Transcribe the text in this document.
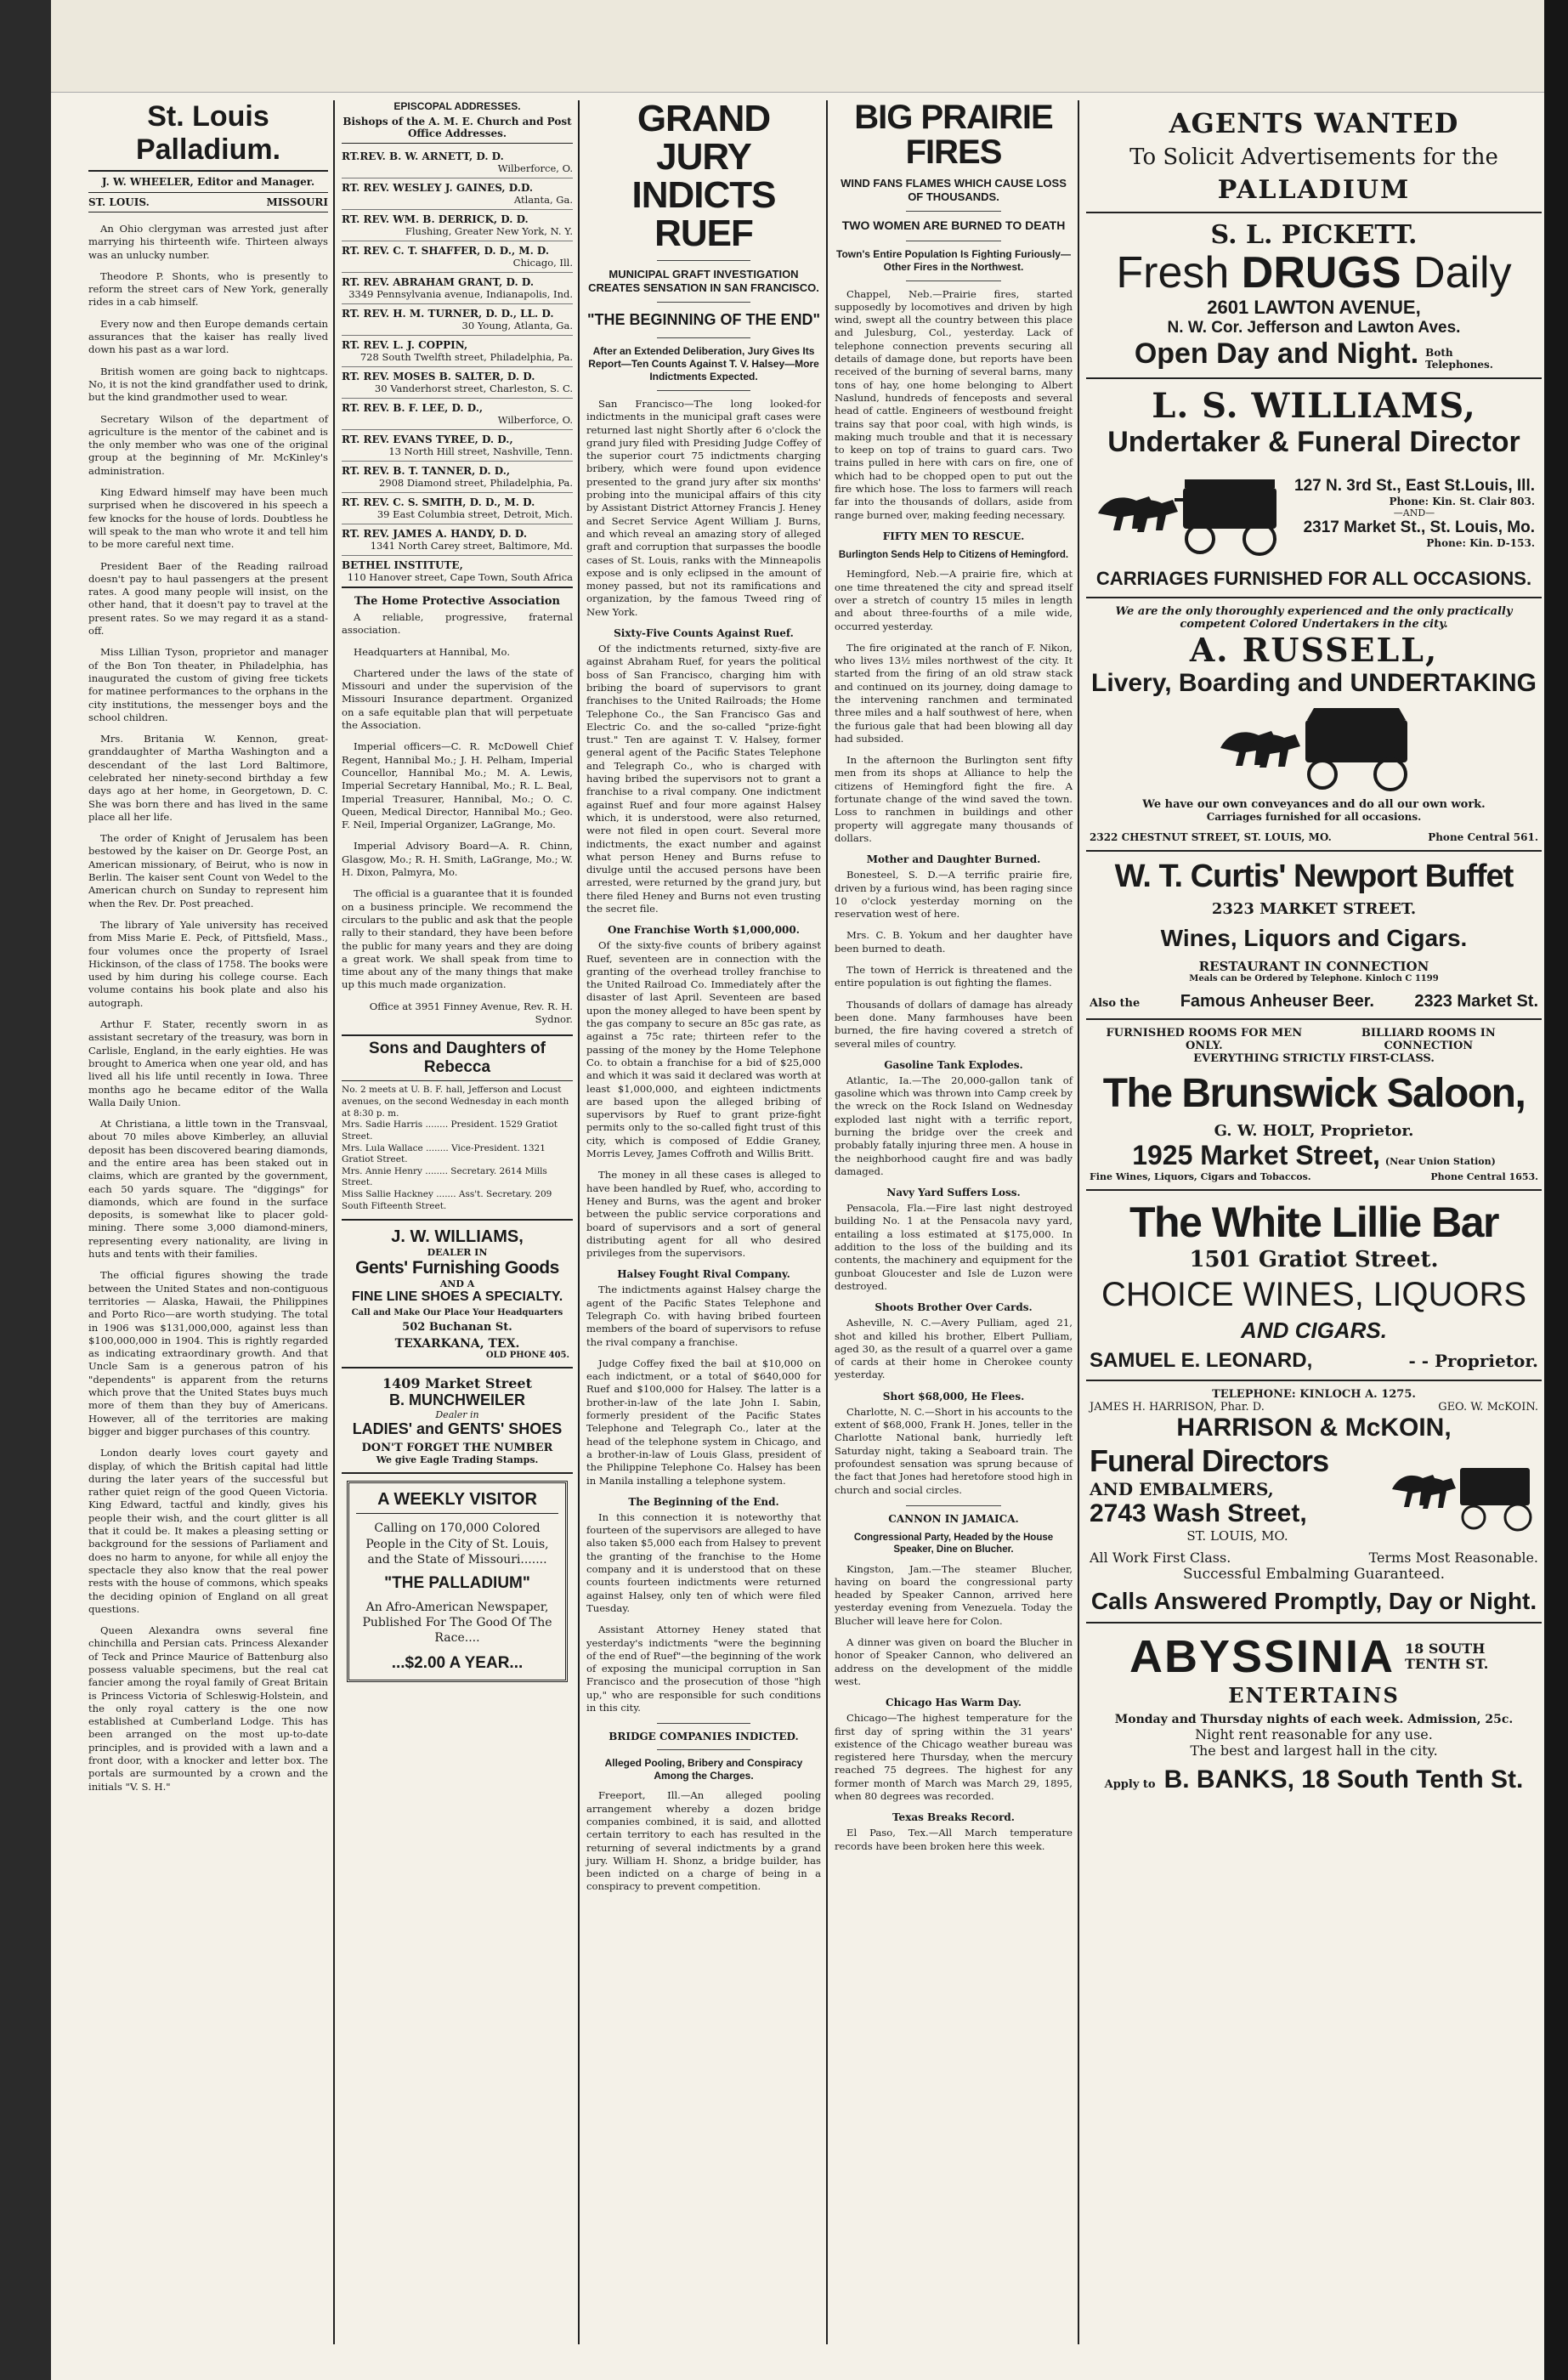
St. Louis Palladium.
J. W. WHEELER, Editor and Manager.
ST. LOUIS.	MISSOURI

An Ohio clergyman was arrested just after marrying his thirteenth wife. Thirteen always was an unlucky number.

Theodore P. Shonts, who is presently to reform the street cars of New York, generally rides in a cab himself.

Every now and then Europe demands certain assurances that the kaiser has really lived down his past as a war lord.

British women are going back to nightcaps. No, it is not the kind grandfather used to drink, but the kind grandmother used to wear.

Secretary Wilson of the department of agriculture is the mentor of the cabinet and is the only member who was one of the original group at the beginning of Mr. McKinley's administration.

King Edward himself may have been much surprised when he discovered in his speech a few knocks for the house of lords. Doubtless he will speak to the man who wrote it and tell him to be more careful next time.

President Baer of the Reading railroad doesn't pay to haul passengers at the present rates. A good many people will insist, on the other hand, that it doesn't pay to travel at the present rates. So we may regard it as a stand-off.

Miss Lillian Tyson, proprietor and manager of the Bon Ton theater, in Philadelphia, has inaugurated the custom of giving free tickets for matinee performances to the orphans in the city institutions, the messenger boys and the school children.

Mrs. Britania W. Kennon, great-granddaughter of Martha Washington and a descendant of the last Lord Baltimore, celebrated her ninety-second birthday a few days ago at her home, in Georgetown, D. C. She was born there and has lived in the same place all her life.

The order of Knight of Jerusalem has been bestowed by the kaiser on Dr. George Post, an American missionary, of Beirut, who is now in Berlin. The kaiser sent Count von Wedel to the American church on Sunday to represent him when the Rev. Dr. Post preached.

The library of Yale university has received from Miss Marie E. Peck, of Pittsfield, Mass., four volumes once the property of Israel Hickinson, of the class of 1758. The books were used by him during his college course. Each volume contains his book plate and also his autograph.

Arthur F. Stater, recently sworn in as assistant secretary of the treasury, was born in Carlisle, England, in the early eighties. He was brought to America when one year old, and has lived all his life until recently in Iowa. Three months ago he became editor of the Walla Walla Daily Union.

At Christiana, a little town in the Transvaal, about 70 miles above Kimberley, an alluvial deposit has been discovered bearing diamonds, and the entire area has been staked out in claims, which are granted by the government, each 50 yards square. The "diggings" for diamonds, which are found in the surface deposits, is somewhat like to placer gold-mining. There some 3,000 diamond-miners, representing every nationality, are living in huts and tents with their families.

The official figures showing the trade between the United States and non-contiguous territories — Alaska, Hawaii, the Philippines and Porto Rico—are worth studying. The total in 1906 was $131,000,000, against less than $100,000,000 in 1904. This is rightly regarded as indicating extraordinary growth. And that Uncle Sam is a generous patron of his "dependents" is apparent from the returns which prove that the United States buys much more of them than they buy of Americans. However, all of the territories are making bigger and bigger purchases of this country.

London dearly loves court gayety and display, of which the British capital had little during the later years of the successful but rather quiet reign of the good Queen Victoria. King Edward, tactful and kindly, gives his people their wish, and the court glitter is all that it could be. It makes a pleasing setting or background for the sessions of Parliament and does no harm to anyone, for while all enjoy the spectacle they also know that the real power rests with the house of commons, which speaks the deciding opinion of England on all great questions.

Queen Alexandra owns several fine chinchilla and Persian cats. Princess Alexander of Teck and Prince Maurice of Battenburg also possess valuable specimens, but the real cat fancier among the royal family of Great Britain is Princess Victoria of Schleswig-Holstein, and the only royal cattery is the one now established at Cumberland Lodge. This has been arranged on the most up-to-date principles, and is provided with a lawn and a front door, with a knocker and letter box. The portals are surmounted by a crown and the initials "V. S. H."

EPISCOPAL ADDRESSES.
Bishops of the A. M. E. Church and Post Office Addresses.
RT.REV. B. W. ARNETT, D. D.
Wilberforce, O.
RT. REV. WESLEY J. GAINES, D.D.
Atlanta, Ga.
RT. REV. WM. B. DERRICK, D. D.
Flushing, Greater New York, N. Y.
RT. REV. C. T. SHAFFER, D. D., M. D.
Chicago, Ill.
RT. REV. ABRAHAM GRANT, D. D.
3349 Pennsylvania avenue, Indianapolis, Ind.
RT. REV. H. M. TURNER, D. D., LL. D.
30 Young, Atlanta, Ga.
RT. REV. L. J. COPPIN,
728 South Twelfth street, Philadelphia, Pa.
RT. REV. MOSES B. SALTER, D. D.
30 Vanderhorst street, Charleston, S. C.
RT. REV. B. F. LEE, D. D.,
Wilberforce, O.
RT. REV. EVANS TYREE, D. D.,
13 North Hill street, Nashville, Tenn.
RT. REV. B. T. TANNER, D. D.,
2908 Diamond street, Philadelphia, Pa.
RT. REV. C. S. SMITH, D. D., M. D.
39 East Columbia street, Detroit, Mich.
RT. REV. JAMES A. HANDY, D. D.
1341 North Carey street, Baltimore, Md.
BETHEL INSTITUTE,
110 Hanover street, Cape Town, South Africa
The Home Protective Association

A reliable, progressive, fraternal association.

Headquarters at Hannibal, Mo.

Chartered under the laws of the state of Missouri and under the supervision of the Missouri Insurance department. Organized on a safe equitable plan that will perpetuate the Association.

Imperial officers—C. R. McDowell Chief Regent, Hannibal Mo.; J. H. Pelham, Imperial Councellor, Hannibal Mo.; M. A. Lewis, Imperial Secretary Hannibal, Mo.; R. L. Beal, Imperial Treasurer, Hannibal, Mo.; O. C. Queen, Medical Director, Hannibal Mo.; Geo. F. Neil, Imperial Organizer, LaGrange, Mo.

Imperial Advisory Board—A. R. Chinn, Glasgow, Mo.; R. H. Smith, LaGrange, Mo.; W. H. Dixon, Palmyra, Mo.

The official is a guarantee that it is founded on a business principle. We recommend the circulars to the public and ask that the people rally to their standard, they have been before the public for many years and they are doing a great work. We shall speak from time to time about any of the many things that make up this much made organization.

Office at 3951 Finney Avenue, Rev. R. H. Sydnor.

Sons and Daughters of Rebecca
No. 2 meets at U. B. F. hall, Jefferson and Locust avenues, on the second Wednesday in each month at 8:30 p. m.
Mrs. Sadie Harris ........ President. 1529 Gratiot Street.
Mrs. Lula Wallace ........ Vice-President. 1321 Gratiot Street.
Mrs. Annie Henry ........ Secretary. 2614 Mills Street.
Miss Sallie Hackney ....... Ass't. Secretary. 209 South Fifteenth Street.
J. W. WILLIAMS,
DEALER IN
Gents' Furnishing Goods
AND A
FINE LINE SHOES A SPECIALTY.
Call and Make Our Place Your Headquarters
502 Buchanan St.
TEXARKANA, TEX.
OLD PHONE 405.
1409 Market Street
B. MUNCHWEILER
Dealer in
LADIES' and GENTS' SHOES
DON'T FORGET THE NUMBER
We give Eagle Trading Stamps.
A WEEKLY VISITOR
Calling on 170,000 Colored People in the City of St. Louis, and the State of Missouri.......
"THE PALLADIUM"
An Afro-American Newspaper, Published For The Good Of The Race....
...$2.00 A YEAR...
GRAND JURY INDICTS RUEF
MUNICIPAL GRAFT INVESTIGATION CREATES SENSATION IN SAN FRANCISCO.
"THE BEGINNING OF THE END"
After an Extended Deliberation, Jury Gives Its Report—Ten Counts Against T. V. Halsey—More Indictments Expected.

San Francisco—The long looked-for indictments in the municipal graft cases were returned last night Shortly after 6 o'clock the grand jury filed with Presiding Judge Coffey of the superior court 75 indictments charging bribery, which were found upon evidence presented to the grand jury after six months' probing into the municipal affairs of this city by Assistant District Attorney Francis J. Heney and Secret Service Agent William J. Burns, and which reveal an amazing story of alleged graft and corruption that surpasses the boodle cases of St. Louis, ranks with the Minneapolis expose and is only eclipsed in the amount of money passed, but not its ramifications and organization, by the famous Tweed ring of New York.

Sixty-Five Counts Against Ruef.

Of the indictments returned, sixty-five are against Abraham Ruef, for years the political boss of San Francisco, charging him with bribing the board of supervisors to grant franchises to the United Railroads; the Home Telephone Co., the San Francisco Gas and Electric Co. and the so-called "prize-fight trust." Ten are against T. V. Halsey, former general agent of the Pacific States Telephone and Telegraph Co., who is charged with having bribed the supervisors not to grant a franchise to a rival company. One indictment against Ruef and four more against Halsey which, it is understood, were also returned, were not filed in open court. Several more indictments, the exact number and against what person Heney and Burns refuse to divulge until the accused persons have been arrested, were returned by the grand jury, but there filed Heney and Burns not even trusting the secret file.

One Franchise Worth $1,000,000.

Of the sixty-five counts of bribery against Ruef, seventeen are in connection with the granting of the overhead trolley franchise to the United Railroad Co. Immediately after the disaster of last April. Seventeen are based upon the money alleged to have been spent by the gas company to secure an 85c gas rate, as against a 75c rate; thirteen refer to the passing of the money by the Home Telephone Co. to obtain a franchise for a bid of $25,000 and which it was said it declared was worth at least $1,000,000, and eighteen indictments are based upon the alleged bribing of supervisors by Ruef to grant prize-fight permits only to the so-called fight trust of this city, which is composed of Eddie Graney, Morris Levey, James Coffroth and Willis Britt.

The money in all these cases is alleged to have been handled by Ruef, who, according to Heney and Burns, was the agent and broker between the public service corporations and board of supervisors and a sort of general distributing agent for all who desired privileges from the supervisors.

Halsey Fought Rival Company.

The indictments against Halsey charge the agent of the Pacific States Telephone and Telegraph Co. with having bribed fourteen members of the board of supervisors to refuse the rival company a franchise.

Judge Coffey fixed the bail at $10,000 on each indictment, or a total of $640,000 for Ruef and $100,000 for Halsey. The latter is a brother-in-law of the late John I. Sabin, formerly president of the Pacific States Telephone and Telegraph Co., later at the head of the telephone system in Chicago, and a brother-in-law of Louis Glass, president of the Philippine Telephone Co. Halsey has been in Manila installing a telephone system.

The Beginning of the End.

In this connection it is noteworthy that fourteen of the supervisors are alleged to have also taken $5,000 each from Halsey to prevent the granting of the franchise to the Home company and it is understood that on these counts fourteen indictments were returned against Halsey, only ten of which were filed Tuesday.

Assistant Attorney Heney stated that yesterday's indictments "were the beginning of the end of Ruef"—the beginning of the work of exposing the municipal corruption in San Francisco and the prosecution of those "high up," who are responsible for such conditions in this city.

BRIDGE COMPANIES INDICTED.
Alleged Pooling, Bribery and Conspiracy Among the Charges.

Freeport, Ill.—An alleged pooling arrangement whereby a dozen bridge companies combined, it is said, and allotted certain territory to each has resulted in the returning of several indictments by a grand jury. William H. Shonz, a bridge builder, has been indicted on a charge of being in a conspiracy to prevent competition.

BIG PRAIRIE FIRES
WIND FANS FLAMES WHICH CAUSE LOSS OF THOUSANDS.
TWO WOMEN ARE BURNED TO DEATH
Town's Entire Population Is Fighting Furiously—Other Fires in the Northwest.

Chappel, Neb.—Prairie fires, started supposedly by locomotives and driven by high wind, swept all the country between this place and Julesburg, Col., yesterday. Lack of telephone connection prevents securing all details of damage done, but reports have been received of the burning of several barns, many tons of hay, one home belonging to Albert Naslund, hundreds of fenceposts and several head of cattle. Engineers of westbound freight trains say that poor coal, with high winds, is making much trouble and that it is necessary to keep on top of trains to guard cars. Two trains pulled in here with cars on fire, one of which had to be chopped open to put out the fire which hose. The loss to farmers will reach far into the thousands of dollars, aside from range burned over, making feeding necessary.

FIFTY MEN TO RESCUE.
Burlington Sends Help to Citizens of Hemingford.

Hemingford, Neb.—A prairie fire, which at one time threatened the city and spread itself over a stretch of country 15 miles in length and about three-fourths of a mile wide, occurred yesterday.

The fire originated at the ranch of F. Nikon, who lives 13½ miles northwest of the city. It started from the firing of an old straw stack and continued on its journey, doing damage to the intervening ranchmen and terminated three miles and a half southwest of here, when the furious gale that had been blowing all day had subsided.

In the afternoon the Burlington sent fifty men from its shops at Alliance to help the citizens of Hemingford fight the fire. A fortunate change of the wind saved the town. Loss to ranchmen in buildings and other property will aggregate many thousands of dollars.

Mother and Daughter Burned.

Bonesteel, S. D.—A terrific prairie fire, driven by a furious wind, has been raging since 10 o'clock yesterday morning on the reservation west of here.

Mrs. C. B. Yokum and her daughter have been burned to death.

The town of Herrick is threatened and the entire population is out fighting the flames.

Thousands of dollars of damage has already been done. Many farmhouses have been burned, the fire having covered a stretch of several miles of country.

Gasoline Tank Explodes.

Atlantic, Ia.—The 20,000-gallon tank of gasoline which was thrown into Camp creek by the wreck on the Rock Island on Wednesday exploded last night with a terrific report, burning the bridge over the creek and probably fatally injuring three men. A house in the neighborhood caught fire and was badly damaged.

Navy Yard Suffers Loss.

Pensacola, Fla.—Fire last night destroyed building No. 1 at the Pensacola navy yard, entailing a loss estimated at $175,000. In addition to the loss of the building and its contents, the machinery and equipment for the gunboat Gloucester and Isle de Luzon were destroyed.

Shoots Brother Over Cards.

Asheville, N. C.—Avery Pulliam, aged 21, shot and killed his brother, Elbert Pulliam, aged 30, as the result of a quarrel over a game of cards at their home in Cherokee county yesterday.

Short $68,000, He Flees.

Charlotte, N. C.—Short in his accounts to the extent of $68,000, Frank H. Jones, teller in the Charlotte National bank, hurriedly left Saturday night, taking a Seaboard train. The profoundest sensation was sprung because of the fact that Jones had heretofore stood high in church and social circles.

CANNON IN JAMAICA.
Congressional Party, Headed by the House Speaker, Dine on Blucher.

Kingston, Jam.—The steamer Blucher, having on board the congressional party headed by Speaker Cannon, arrived here yesterday evening from Venezuela. Today the Blucher will leave here for Colon.

A dinner was given on board the Blucher in honor of Speaker Cannon, who delivered an address on the development of the middle west.

Chicago Has Warm Day.

Chicago—The highest temperature for the first day of spring within the 31 years' existence of the Chicago weather bureau was registered here Thursday, when the mercury reached 75 degrees. The highest for any former month of March was March 29, 1895, when 80 degrees was recorded.

Texas Breaks Record.

El Paso, Tex.—All March temperature records have been broken here this week.

AGENTS WANTED
To Solicit Advertisements for the
PALLADIUM
S. L. PICKETT.
Fresh DRUGS Daily
2601 LAWTON AVENUE,
N. W. Cor. Jefferson and Lawton Aves.
Open Day and Night. Both Telephones.
L. S. WILLIAMS,
Undertaker & Funeral Director
127 N. 3rd St., East St.Louis, Ill.
Phone: Kin. St. Clair 803.
—AND—
2317 Market St., St. Louis, Mo.
Phone: Kin. D-153.
CARRIAGES FURNISHED FOR ALL OCCASIONS.
We are the only thoroughly experienced and the only practically competent Colored Undertakers in the city.
A. RUSSELL,
Livery, Boarding and UNDERTAKING
We have our own conveyances and do all our own work.
Carriages furnished for all occasions.
2322 CHESTNUT STREET, ST. LOUIS, MO.	Phone Central 561.
W. T. Curtis' Newport Buffet
2323 MARKET STREET.
Wines, Liquors and Cigars.
RESTAURANT IN CONNECTION
Meals can be Ordered by Telephone. Kinloch C 1199
Also the Famous Anheuser Beer. 2323 Market St.
FURNISHED ROOMS FOR MEN ONLY.
BILLIARD ROOMS IN CONNECTION
EVERYTHING STRICTLY FIRST-CLASS.
The Brunswick Saloon,
G. W. HOLT, Proprietor.
1925 Market Street, (Near Union Station)
Fine Wines, Liquors, Cigars and Tobaccos.	Phone Central 1653.
The White Lillie Bar
1501 Gratiot Street.
CHOICE WINES, LIQUORS
AND CIGARS.
SAMUEL E. LEONARD,	- - Proprietor.
TELEPHONE: KINLOCH A. 1275.
JAMES H. HARRISON, Phar. D.	GEO. W. McKOIN.
HARRISON & McKOIN,
Funeral Directors
AND EMBALMERS,
2743 Wash Street,
ST. LOUIS, MO.
All Work First Class.	Terms Most Reasonable.
Successful Embalming Guaranteed.
Calls Answered Promptly, Day or Night.
ABYSSINIA 18 SOUTH TENTH ST.
ENTERTAINS
Monday and Thursday nights of each week. Admission, 25c.
Night rent reasonable for any use.
The best and largest hall in the city.
Apply to B. BANKS, 18 South Tenth St.
